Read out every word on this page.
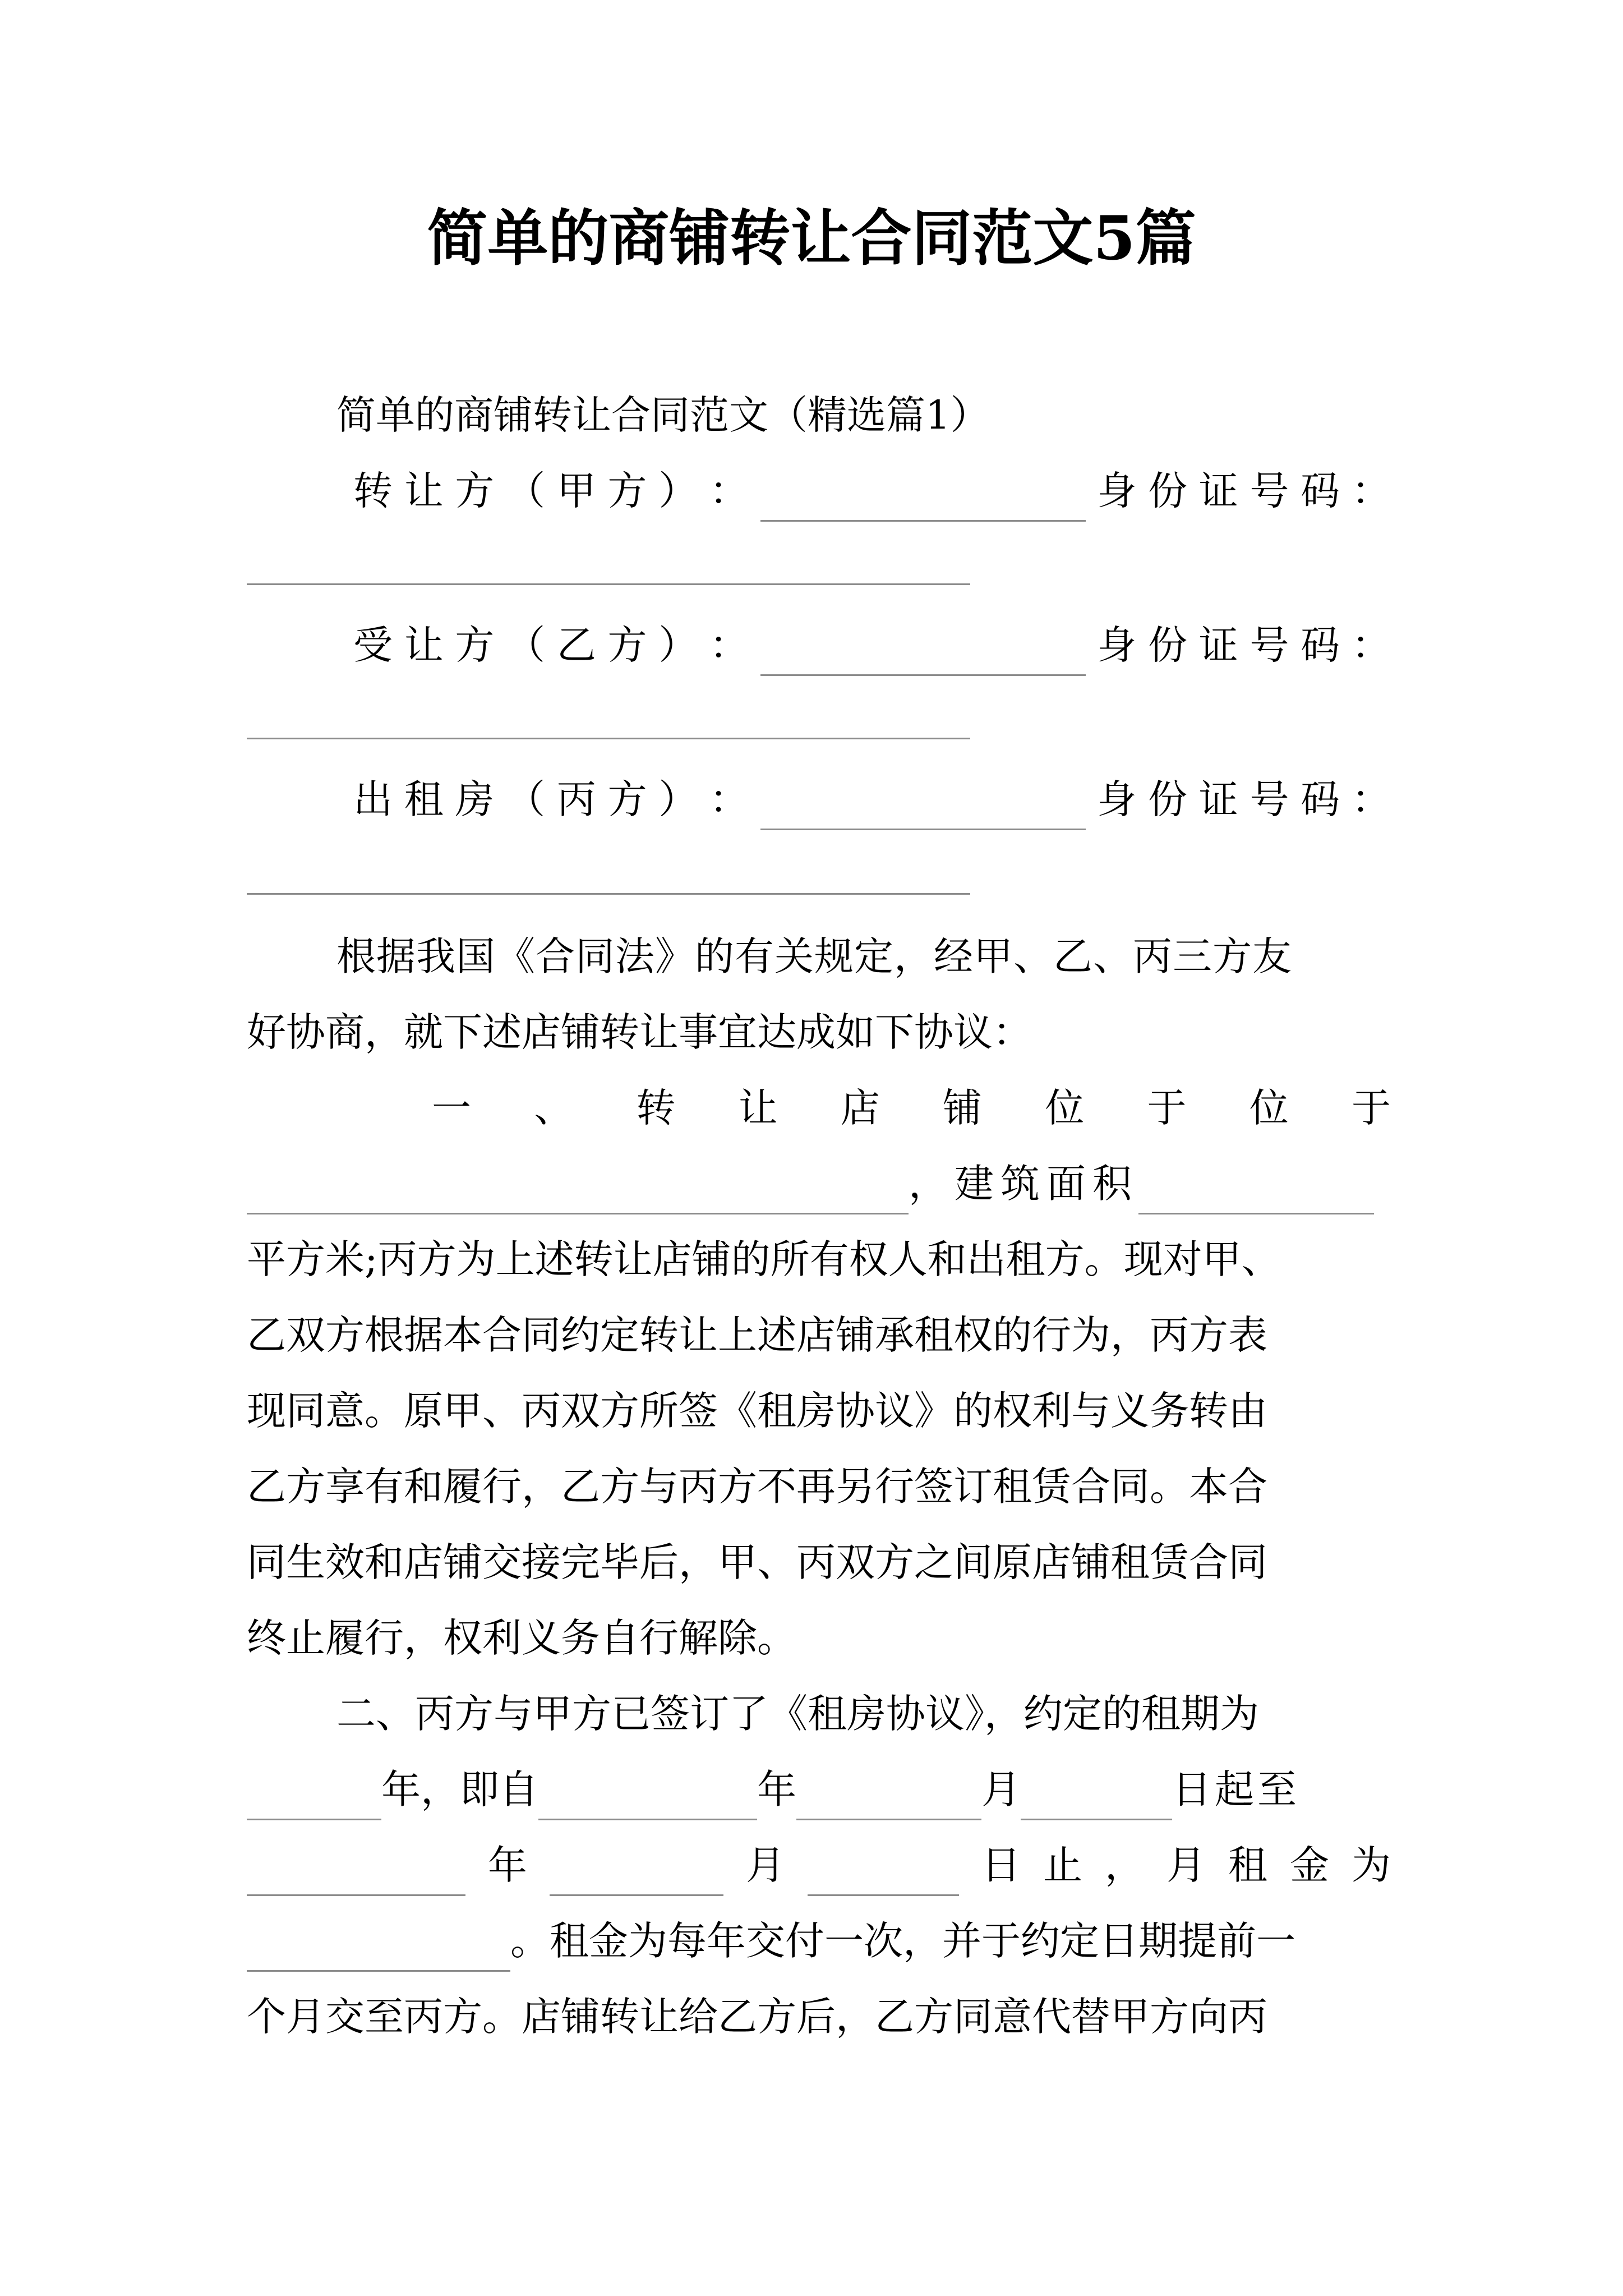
简单的商铺转让合同范文5篇
简单的商铺转让合同范文（精选篇1）
转 让 方 （ 甲 方 ） ：	身 份 证 号 码 ：
受 让 方 （ 乙 方 ） ：	身 份 证 号 码 ：
出 租 房 （ 丙 方 ） ：	身 份 证 号 码 ：
根据我国《合同法》的有关规定，经甲、乙、丙三方友
好协商，就下述店铺转让事宜达成如下协议：
一 、 转 让 店 铺 位 于 位 于
，建筑面积
平方米;丙方为上述转让店铺的所有权人和出租方。现对甲、
乙双方根据本合同约定转让上述店铺承租权的行为，丙方表
现同意。原甲、丙双方所签《租房协议》的权利与义务转由
乙方享有和履行，乙方与丙方不再另行签订租赁合同。本合
同生效和店铺交接完毕后，甲、丙双方之间原店铺租赁合同
终止履行，权利义务自行解除。
二、丙方与甲方已签订了《租房协议》，约定的租期为
年，即自	年	月	日起至
年	月	日 止 ， 月 租 金 为
。租金为每年交付一次，并于约定日期提前一
个月交至丙方。店铺转让给乙方后，乙方同意代替甲方向丙
